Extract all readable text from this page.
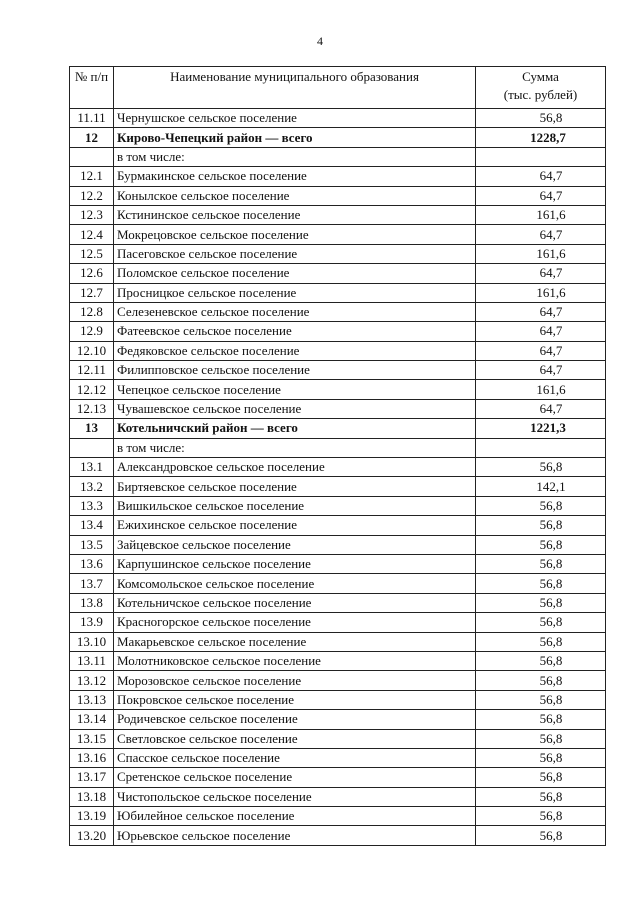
4
№ п/п	Наименование муниципального образования	Сумма
(тыс. рублей)

11.11	Чернушское сельское поселение	56,8
12	Кирово-Чепецкий район — всего	1228,7
	в том числе:	
12.1	Бурмакинское сельское поселение	64,7
12.2	Конылское сельское поселение	64,7
12.3	Кстининское сельское поселение	161,6
12.4	Мокрецовское сельское поселение	64,7
12.5	Пасеговское сельское поселение	161,6
12.6	Поломское сельское поселение	64,7
12.7	Просницкое сельское поселение	161,6
12.8	Селезеневское сельское поселение	64,7
12.9	Фатеевское сельское поселение	64,7
12.10	Федяковское сельское поселение	64,7
12.11	Филипповское сельское поселение	64,7
12.12	Чепецкое сельское поселение	161,6
12.13	Чувашевское сельское поселение	64,7
13	Котельничский район — всего	1221,3
	в том числе:	
13.1	Александровское сельское поселение	56,8
13.2	Биртяевское сельское поселение	142,1
13.3	Вишкильское сельское поселение	56,8
13.4	Ежихинское сельское поселение	56,8
13.5	Зайцевское сельское поселение	56,8
13.6	Карпушинское сельское поселение	56,8
13.7	Комсомольское сельское поселение	56,8
13.8	Котельничское сельское поселение	56,8
13.9	Красногорское сельское поселение	56,8
13.10	Макарьевское сельское поселение	56,8
13.11	Молотниковское сельское поселение	56,8
13.12	Морозовское сельское поселение	56,8
13.13	Покровское сельское поселение	56,8
13.14	Родичевское сельское поселение	56,8
13.15	Светловское сельское поселение	56,8
13.16	Спасское сельское поселение	56,8
13.17	Сретенское сельское поселение	56,8
13.18	Чистопольское сельское поселение	56,8
13.19	Юбилейное сельское поселение	56,8
13.20	Юрьевское сельское поселение	56,8
